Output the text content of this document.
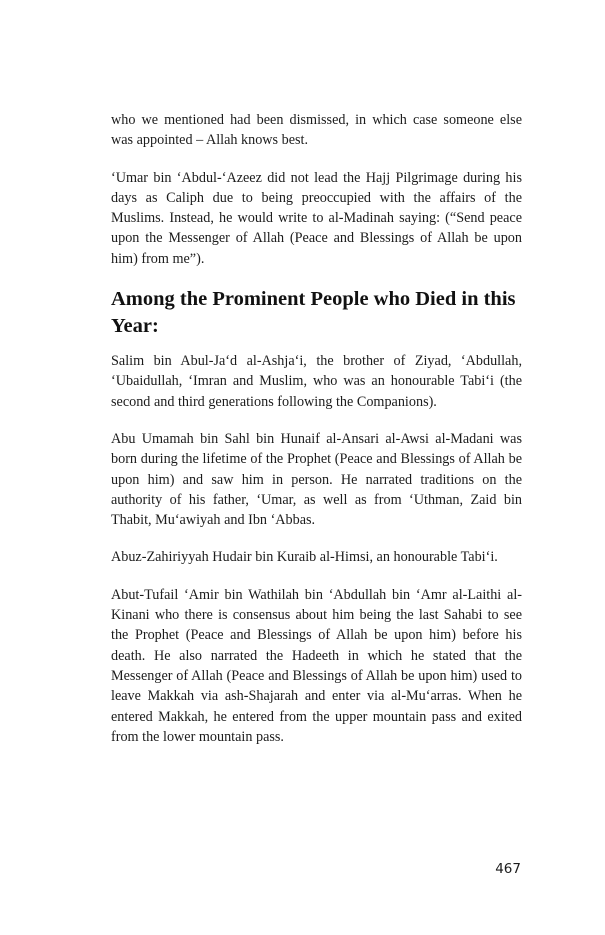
who we mentioned had been dismissed, in which case someone else was appointed – Allah knows best.

‘Umar bin ‘Abdul-‘Azeez did not lead the Hajj Pilgrimage during his days as Caliph due to being preoccupied with the affairs of the Muslims. Instead, he would write to al-Madinah saying: (“Send peace upon the Messenger of Allah (Peace and Blessings of Allah be upon him) from me”).

Among the Prominent People who Died in this Year:

Salim bin Abul-Ja‘d al-Ashja‘i, the brother of Ziyad, ‘Abdullah, ‘Ubaidullah, ‘Imran and Muslim, who was an honourable Tabi‘i (the second and third generations following the Companions).

Abu Umamah bin Sahl bin Hunaif al-Ansari al-Awsi al-Madani was born during the lifetime of the Prophet (Peace and Blessings of Allah be upon him) and saw him in person. He narrated traditions on the authority of his father, ‘Umar, as well as from ‘Uthman, Zaid bin Thabit, Mu‘awiyah and Ibn ‘Abbas.

Abuz-Zahiriyyah Hudair bin Kuraib al-Himsi, an honourable Tabi‘i.

Abut-Tufail ‘Amir bin Wathilah bin ‘Abdullah bin ‘Amr al-Laithi al-Kinani who there is consensus about him being the last Sahabi to see the Prophet (Peace and Blessings of Allah be upon him) before his death. He also narrated the Hadeeth in which he stated that the Messenger of Allah (Peace and Blessings of Allah be upon him) used to leave Makkah via ash-Shajarah and enter via al-Mu‘arras. When he entered Makkah, he entered from the upper mountain pass and exited from the lower mountain pass.

467
